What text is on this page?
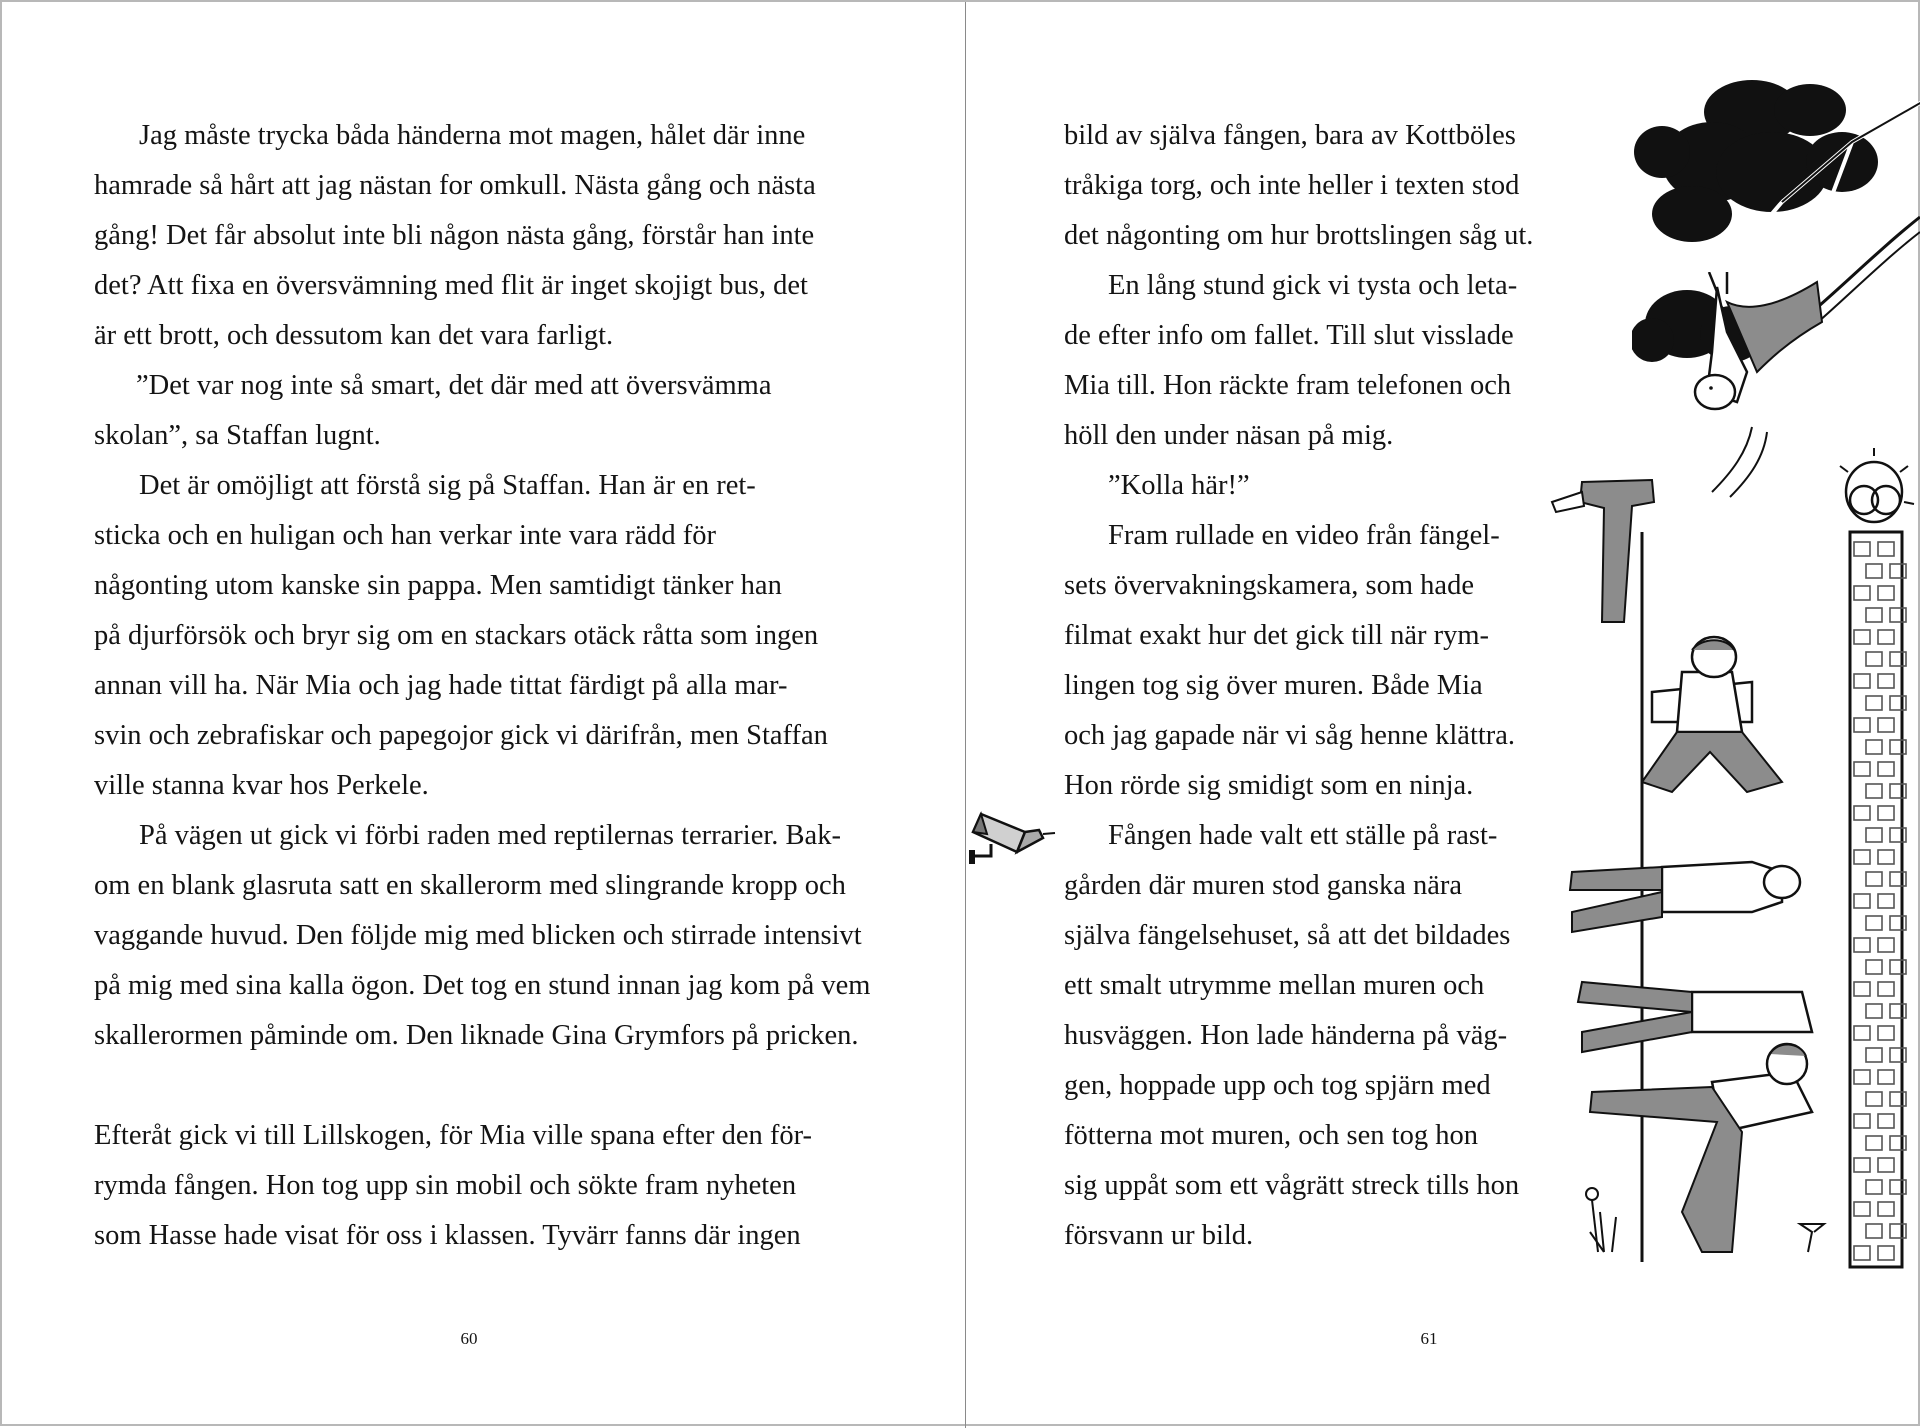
Jag måste trycka båda händerna mot magen, hålet där inne
hamrade så hårt att jag nästan for omkull. Nästa gång och nästa
gång! Det får absolut inte bli någon nästa gång, förstår han inte
det? Att fixa en översvämning med flit är inget skojigt bus, det
är ett brott, och dessutom kan det vara farligt.
”Det var nog inte så smart, det där med att översvämma
skolan”, sa Staffan lugnt.
Det är omöjligt att förstå sig på Staffan. Han är en ret-
sticka och en huligan och han verkar inte vara rädd för
någonting utom kanske sin pappa. Men samtidigt tänker han
på djurförsök och bryr sig om en stackars otäck råtta som ingen
annan vill ha. När Mia och jag hade tittat färdigt på alla mar-
svin och zebrafiskar och papegojor gick vi därifrån, men Staffan
ville stanna kvar hos Perkele.
På vägen ut gick vi förbi raden med reptilernas terrarier. Bak-
om en blank glasruta satt en skallerorm med slingrande kropp och
vaggande huvud. Den följde mig med blicken och stirrade intensivt
på mig med sina kalla ögon. Det tog en stund innan jag kom på vem
skallerormen påminde om. Den liknade Gina Grymfors på pricken.
Efteråt gick vi till Lillskogen, för Mia ville spana efter den för-
rymda fången. Hon tog upp sin mobil och sökte fram nyheten
som Hasse hade visat för oss i klassen. Tyvärr fanns där ingen
bild av själva fången, bara av Kottböles
tråkiga torg, och inte heller i texten stod
det någonting om hur brottslingen såg ut.
En lång stund gick vi tysta och leta-
de efter info om fallet. Till slut visslade
Mia till. Hon räckte fram telefonen och
höll den under näsan på mig.
”Kolla här!”
Fram rullade en video från fängel-
sets övervakningskamera, som hade
filmat exakt hur det gick till när rym-
lingen tog sig över muren. Både Mia
och jag gapade när vi såg henne klättra.
Hon rörde sig smidigt som en ninja.
Fången hade valt ett ställe på rast-
gården där muren stod ganska nära
själva fängelsehuset, så att det bildades
ett smalt utrymme mellan muren och
husväggen. Hon lade händerna på väg-
gen, hoppade upp och tog spjärn med
fötterna mot muren, och sen tog hon
sig uppåt som ett vågrätt streck tills hon
försvann ur bild.
60	61
